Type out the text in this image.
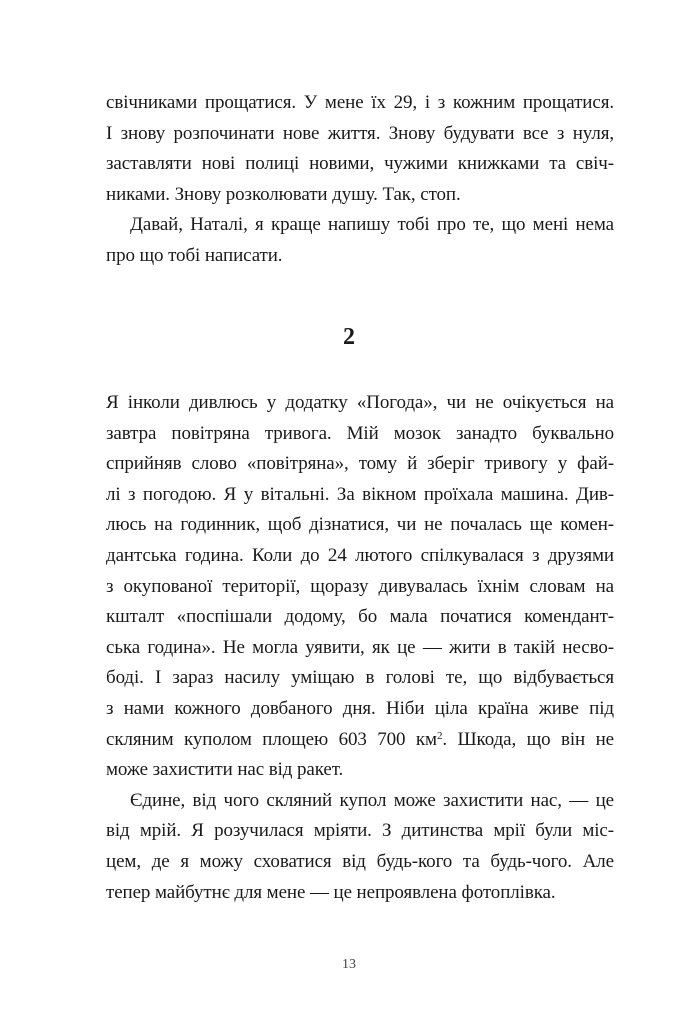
свічниками прощатися. У мене їх 29, і з кожним прощатися.
І знову розпочинати нове життя. Знову будувати все з нуля,
заставляти нові полиці новими, чужими книжками та свіч-
никами. Знову розколювати душу. Так, стоп.
Давай, Наталі, я краще напишу тобі про те, що мені нема
про що тобі написати.
2
Я інколи дивлюсь у додатку «Погода», чи не очікується на
завтра повітряна тривога. Мій мозок занадто буквально
сприйняв слово «повітряна», тому й зберіг тривогу у фай-
лі з погодою. Я у вітальні. За вікном проїхала машина. Див-
люсь на годинник, щоб дізнатися, чи не почалась ще комен-
дантська година. Коли до 24 лютого спілкувалася з друзями
з окупованої території, щоразу дивувалась їхнім словам на
кшталт «поспішали додому, бо мала початися комендант-
ська година». Не могла уявити, як це — жити в такій несво-
боді. І зараз насилу уміщаю в голові те, що відбувається
з нами кожного довбаного дня. Ніби ціла країна живе під
скляним куполом площею 603 700 $км^2$. Шкода, що він не
може захистити нас від ракет.
Єдине, від чого скляний купол може захистити нас, — це
від мрій. Я розучилася мріяти. З дитинства мрії були міс-
цем, де я можу сховатися від будь-кого та будь-чого. Але
тепер майбутнє для мене — це непроявлена фотоплівка.
13
